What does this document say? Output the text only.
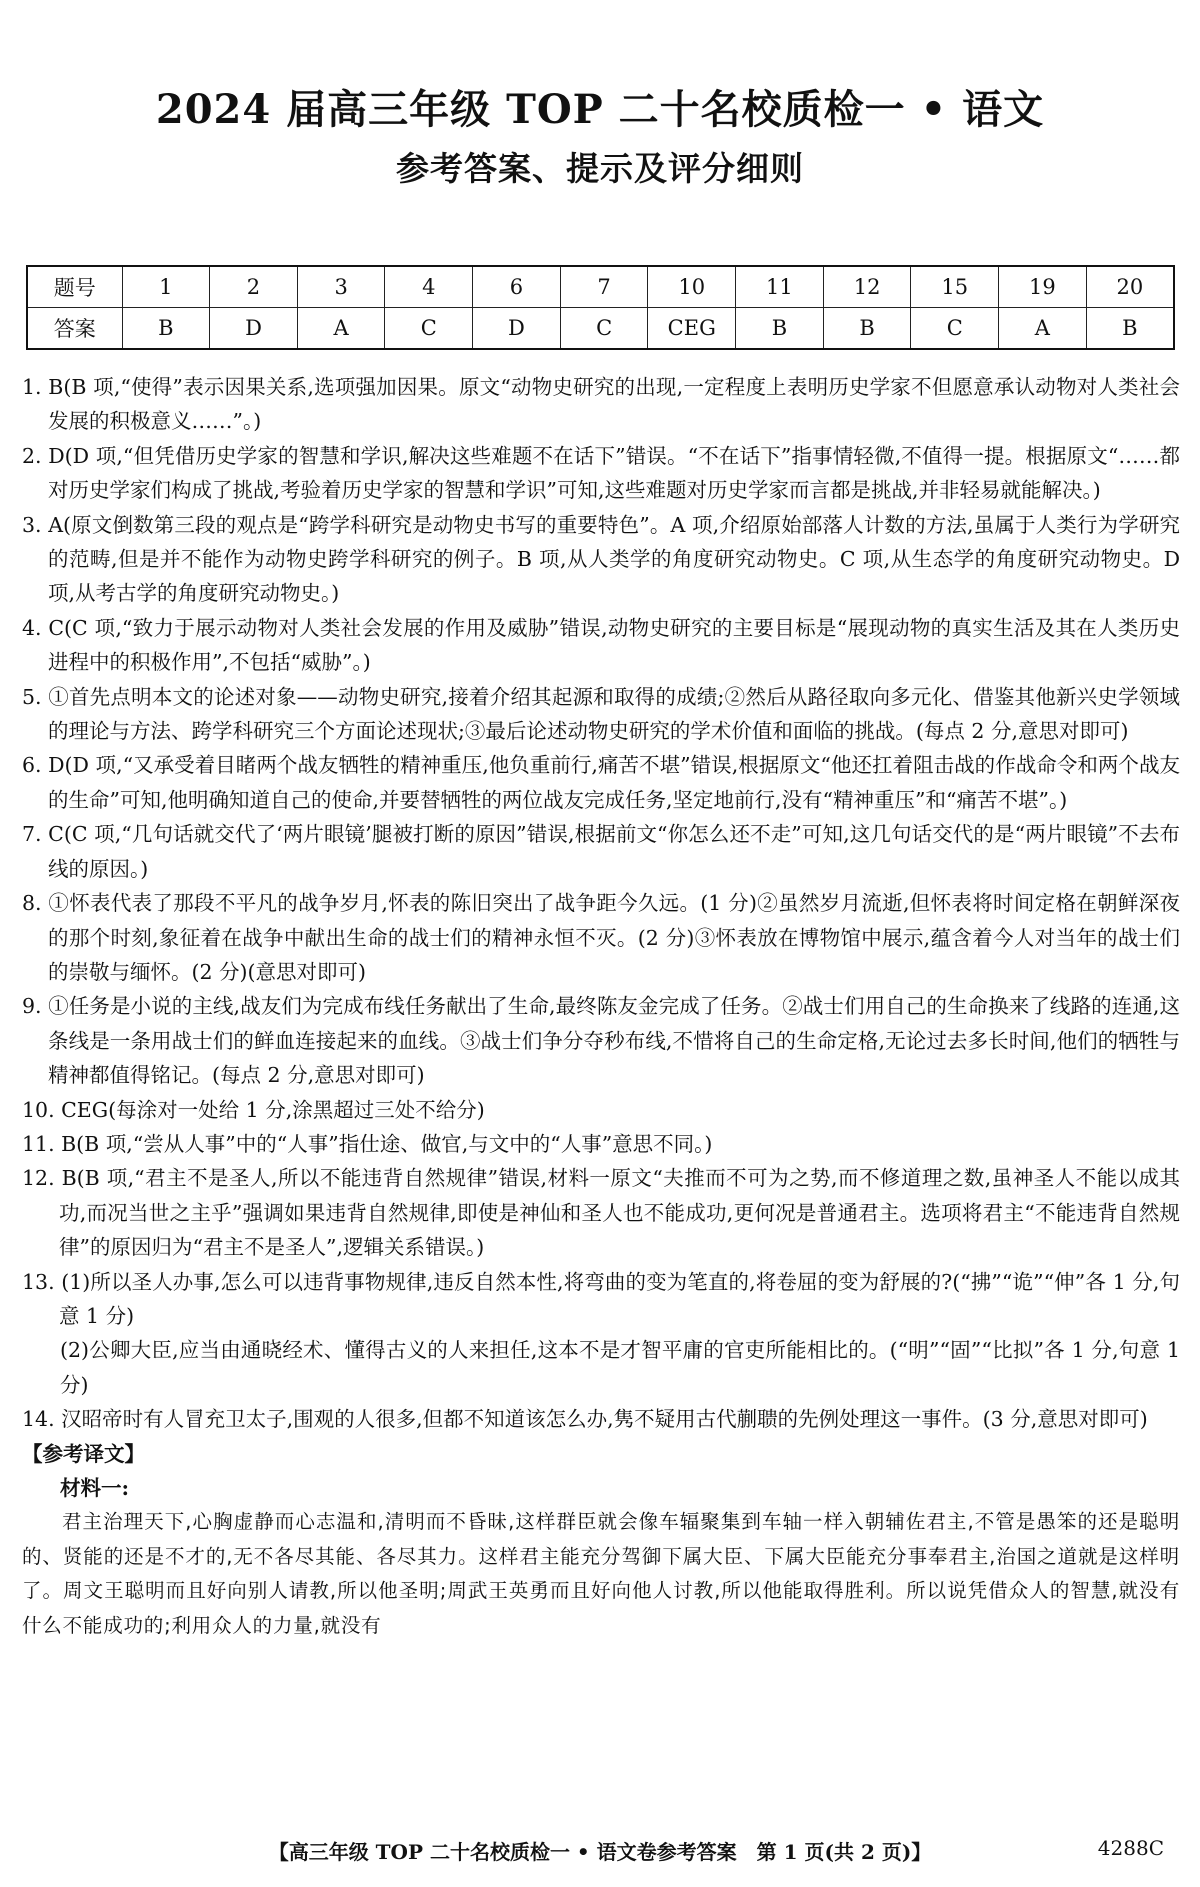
2024 届高三年级 TOP 二十名校质检一 • 语文
参考答案、提示及评分细则
题号	1	2	3	4	6	7	10	11	12	15	19	20
答案	B	D	A	C	D	C	CEG	B	B	C	A	B

1. B(B 项,“使得”表示因果关系,选项强加因果。原文“动物史研究的出现,一定程度上表明历史学家不但愿意承认动物对人类社会发展的积极意义……”。)

2. D(D 项,“但凭借历史学家的智慧和学识,解决这些难题不在话下”错误。“不在话下”指事情轻微,不值得一提。根据原文“……都对历史学家们构成了挑战,考验着历史学家的智慧和学识”可知,这些难题对历史学家而言都是挑战,并非轻易就能解决。)

3. A(原文倒数第三段的观点是“跨学科研究是动物史书写的重要特色”。A 项,介绍原始部落人计数的方法,虽属于人类行为学研究的范畴,但是并不能作为动物史跨学科研究的例子。B 项,从人类学的角度研究动物史。C 项,从生态学的角度研究动物史。D 项,从考古学的角度研究动物史。)

4. C(C 项,“致力于展示动物对人类社会发展的作用及威胁”错误,动物史研究的主要目标是“展现动物的真实生活及其在人类历史进程中的积极作用”,不包括“威胁”。)

5. ①首先点明本文的论述对象——动物史研究,接着介绍其起源和取得的成绩;②然后从路径取向多元化、借鉴其他新兴史学领域的理论与方法、跨学科研究三个方面论述现状;③最后论述动物史研究的学术价值和面临的挑战。(每点 2 分,意思对即可)

6. D(D 项,“又承受着目睹两个战友牺牲的精神重压,他负重前行,痛苦不堪”错误,根据原文“他还扛着阻击战的作战命令和两个战友的生命”可知,他明确知道自己的使命,并要替牺牲的两位战友完成任务,坚定地前行,没有“精神重压”和“痛苦不堪”。)

7. C(C 项,“几句话就交代了‘两片眼镜’腿被打断的原因”错误,根据前文“你怎么还不走”可知,这几句话交代的是“两片眼镜”不去布线的原因。)

8. ①怀表代表了那段不平凡的战争岁月,怀表的陈旧突出了战争距今久远。(1 分)②虽然岁月流逝,但怀表将时间定格在朝鲜深夜的那个时刻,象征着在战争中献出生命的战士们的精神永恒不灭。(2 分)③怀表放在博物馆中展示,蕴含着今人对当年的战士们的崇敬与缅怀。(2 分)(意思对即可)

9. ①任务是小说的主线,战友们为完成布线任务献出了生命,最终陈友金完成了任务。②战士们用自己的生命换来了线路的连通,这条线是一条用战士们的鲜血连接起来的血线。③战士们争分夺秒布线,不惜将自己的生命定格,无论过去多长时间,他们的牺牲与精神都值得铭记。(每点 2 分,意思对即可)

10. CEG(每涂对一处给 1 分,涂黑超过三处不给分)

11. B(B 项,“尝从人事”中的“人事”指仕途、做官,与文中的“人事”意思不同。)

12. B(B 项,“君主不是圣人,所以不能违背自然规律”错误,材料一原文“夫推而不可为之势,而不修道理之数,虽神圣人不能以成其功,而况当世之主乎”强调如果违背自然规律,即使是神仙和圣人也不能成功,更何况是普通君主。选项将君主“不能违背自然规律”的原因归为“君主不是圣人”,逻辑关系错误。)

13. (1)所以圣人办事,怎么可以违背事物规律,违反自然本性,将弯曲的变为笔直的,将卷屈的变为舒展的?(“拂”“诡”“伸”各 1 分,句意 1 分)

(2)公卿大臣,应当由通晓经术、懂得古义的人来担任,这本不是才智平庸的官吏所能相比的。(“明”“固”“比拟”各 1 分,句意 1 分)

14. 汉昭帝时有人冒充卫太子,围观的人很多,但都不知道该怎么办,隽不疑用古代蒯聩的先例处理这一事件。(3 分,意思对即可)

【参考译文】

材料一:

君主治理天下,心胸虚静而心志温和,清明而不昏昧,这样群臣就会像车辐聚集到车轴一样入朝辅佐君主,不管是愚笨的还是聪明的、贤能的还是不才的,无不各尽其能、各尽其力。这样君主能充分驾御下属大臣、下属大臣能充分事奉君主,治国之道就是这样明了。周文王聪明而且好向别人请教,所以他圣明;周武王英勇而且好向他人讨教,所以他能取得胜利。所以说凭借众人的智慧,就没有什么不能成功的;利用众人的力量,就没有

【高三年级 TOP 二十名校质检一 • 语文卷参考答案　第 1 页(共 2 页)】	4288C
